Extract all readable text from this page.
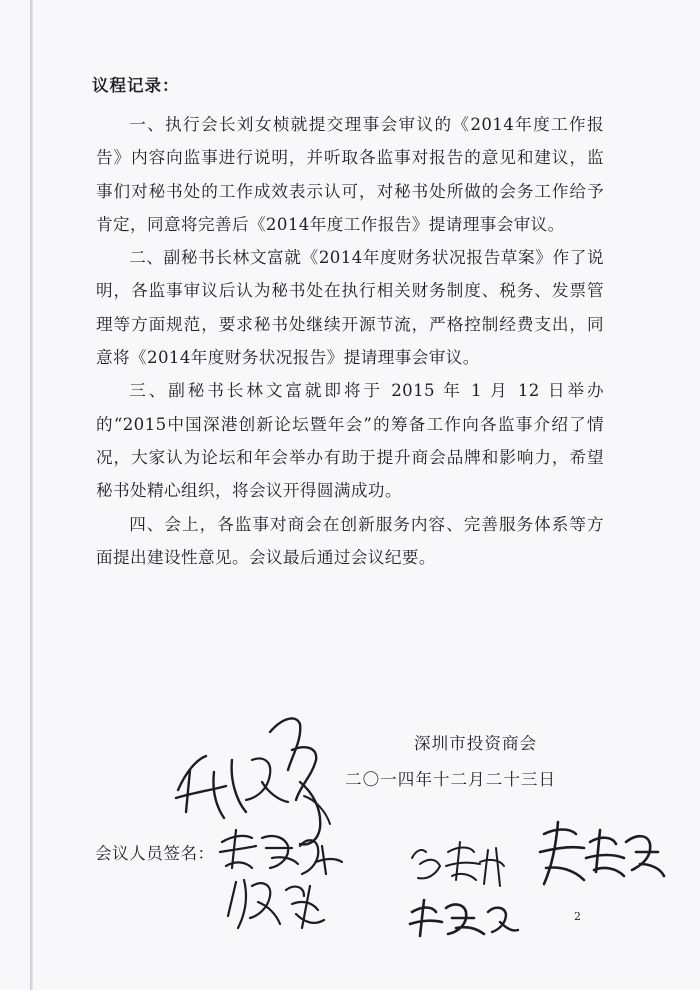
议程记录：

一、执行会长刘女桢就提交理事会审议的《2014年度工作报告》内容向监事进行说明，并听取各监事对报告的意见和建议，监事们对秘书处的工作成效表示认可，对秘书处所做的会务工作给予肯定，同意将完善后《2014年度工作报告》提请理事会审议。

二、副秘书长林文富就《2014年度财务状况报告草案》作了说明，各监事审议后认为秘书处在执行相关财务制度、税务、发票管理等方面规范，要求秘书处继续开源节流，严格控制经费支出，同意将《2014年度财务状况报告》提请理事会审议。

三、副秘书长林文富就即将于 2015 年 1 月 12 日举办的“2015中国深港创新论坛暨年会”的筹备工作向各监事介绍了情况，大家认为论坛和年会举办有助于提升商会品牌和影响力，希望秘书处精心组织，将会议开得圆满成功。

四、会上，各监事对商会在创新服务内容、完善服务体系等方面提出建设性意见。会议最后通过会议纪要。

深圳市投资商会
二〇一四年十二月二十三日
会议人员签名：
2
